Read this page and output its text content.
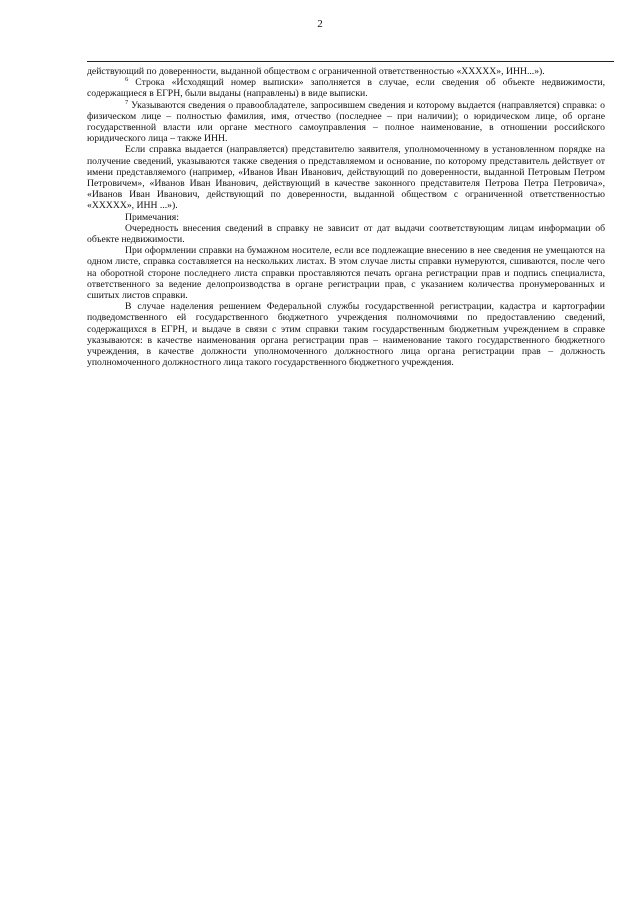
2

действующий по доверенности, выданной обществом с ограниченной ответственностью «ХХХХХ», ИНН...»).

$^6$ Строка «Исходящий номер выписки» заполняется в случае, если сведения об объекте недвижимости, содержащиеся в ЕГРН, были выданы (направлены) в виде выписки.

$^7$ Указываются сведения о правообладателе, запросившем сведения и которому выдается (направляется) справка: о физическом лице – полностью фамилия, имя, отчество (последнее – при наличии); о юридическом лице, об органе государственной власти или органе местного самоуправления – полное наименование, в отношении российского юридического лица – также ИНН.

Если справка выдается (направляется) представителю заявителя, уполномоченному в установленном порядке на получение сведений, указываются также сведения о представляемом и основание, по которому представитель действует от имени представляемого (например, «Иванов Иван Иванович, действующий по доверенности, выданной Петровым Петром Петровичем», «Иванов Иван Иванович, действующий в качестве законного представителя Петрова Петра Петровича», «Иванов Иван Иванович, действующий по доверенности, выданной обществом с ограниченной ответственностью «ХХХХХ», ИНН ...»).

Примечания:

Очередность внесения сведений в справку не зависит от дат выдачи соответствующим лицам информации об объекте недвижимости.

При оформлении справки на бумажном носителе, если все подлежащие внесению в нее сведения не умещаются на одном листе, справка составляется на нескольких листах. В этом случае листы справки нумеруются, сшиваются, после чего на оборотной стороне последнего листа справки проставляются печать органа регистрации прав и подпись специалиста, ответственного за ведение делопроизводства в органе регистрации прав, с указанием количества пронумерованных и сшитых листов справки.

В случае наделения решением Федеральной службы государственной регистрации, кадастра и картографии подведомственного ей государственного бюджетного учреждения полномочиями по предоставлению сведений, содержащихся в ЕГРН, и выдаче в связи с этим справки таким государственным бюджетным учреждением в справке указываются: в качестве наименования органа регистрации прав – наименование такого государственного бюджетного учреждения, в качестве должности уполномоченного должностного лица органа регистрации прав – должность уполномоченного должностного лица такого государственного бюджетного учреждения.
